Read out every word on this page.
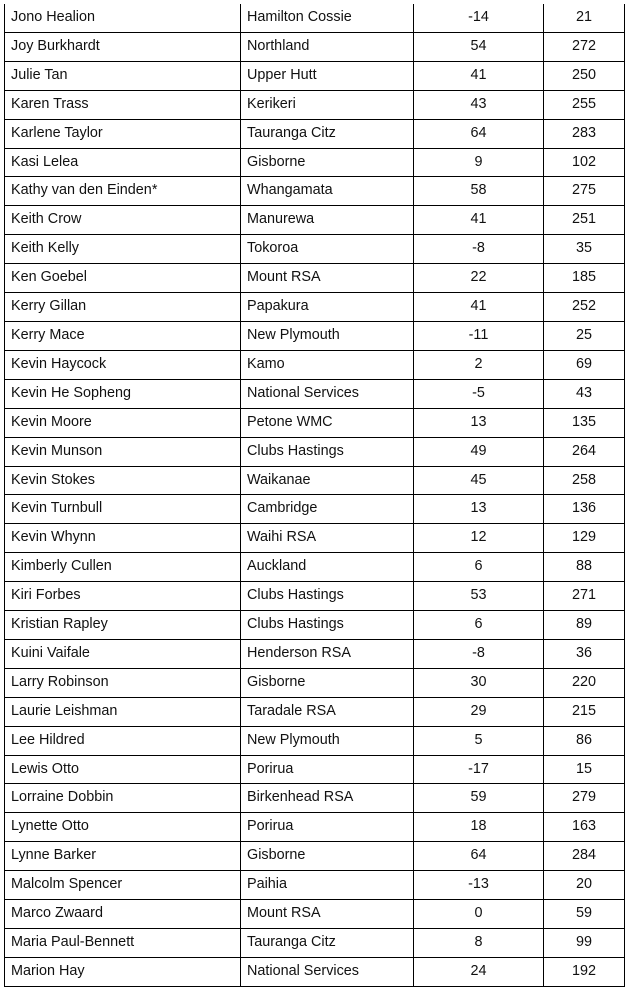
Jono Healion	Hamilton Cossie	-14	21
Joy Burkhardt	Northland	54	272
Julie Tan	Upper Hutt	41	250
Karen Trass	Kerikeri	43	255
Karlene Taylor	Tauranga Citz	64	283
Kasi Lelea	Gisborne	9	102
Kathy van den Einden*	Whangamata	58	275
Keith Crow	Manurewa	41	251
Keith Kelly	Tokoroa	-8	35
Ken Goebel	Mount RSA	22	185
Kerry Gillan	Papakura	41	252
Kerry Mace	New Plymouth	-11	25
Kevin Haycock	Kamo	2	69
Kevin He Sopheng	National Services	-5	43
Kevin Moore	Petone WMC	13	135
Kevin Munson	Clubs Hastings	49	264
Kevin Stokes	Waikanae	45	258
Kevin Turnbull	Cambridge	13	136
Kevin Whynn	Waihi RSA	12	129
Kimberly Cullen	Auckland	6	88
Kiri Forbes	Clubs Hastings	53	271
Kristian Rapley	Clubs Hastings	6	89
Kuini Vaifale	Henderson RSA	-8	36
Larry Robinson	Gisborne	30	220
Laurie Leishman	Taradale RSA	29	215
Lee Hildred	New Plymouth	5	86
Lewis Otto	Porirua	-17	15
Lorraine Dobbin	Birkenhead RSA	59	279
Lynette Otto	Porirua	18	163
Lynne Barker	Gisborne	64	284
Malcolm Spencer	Paihia	-13	20
Marco Zwaard	Mount RSA	0	59
Maria Paul-Bennett	Tauranga Citz	8	99
Marion Hay	National Services	24	192
